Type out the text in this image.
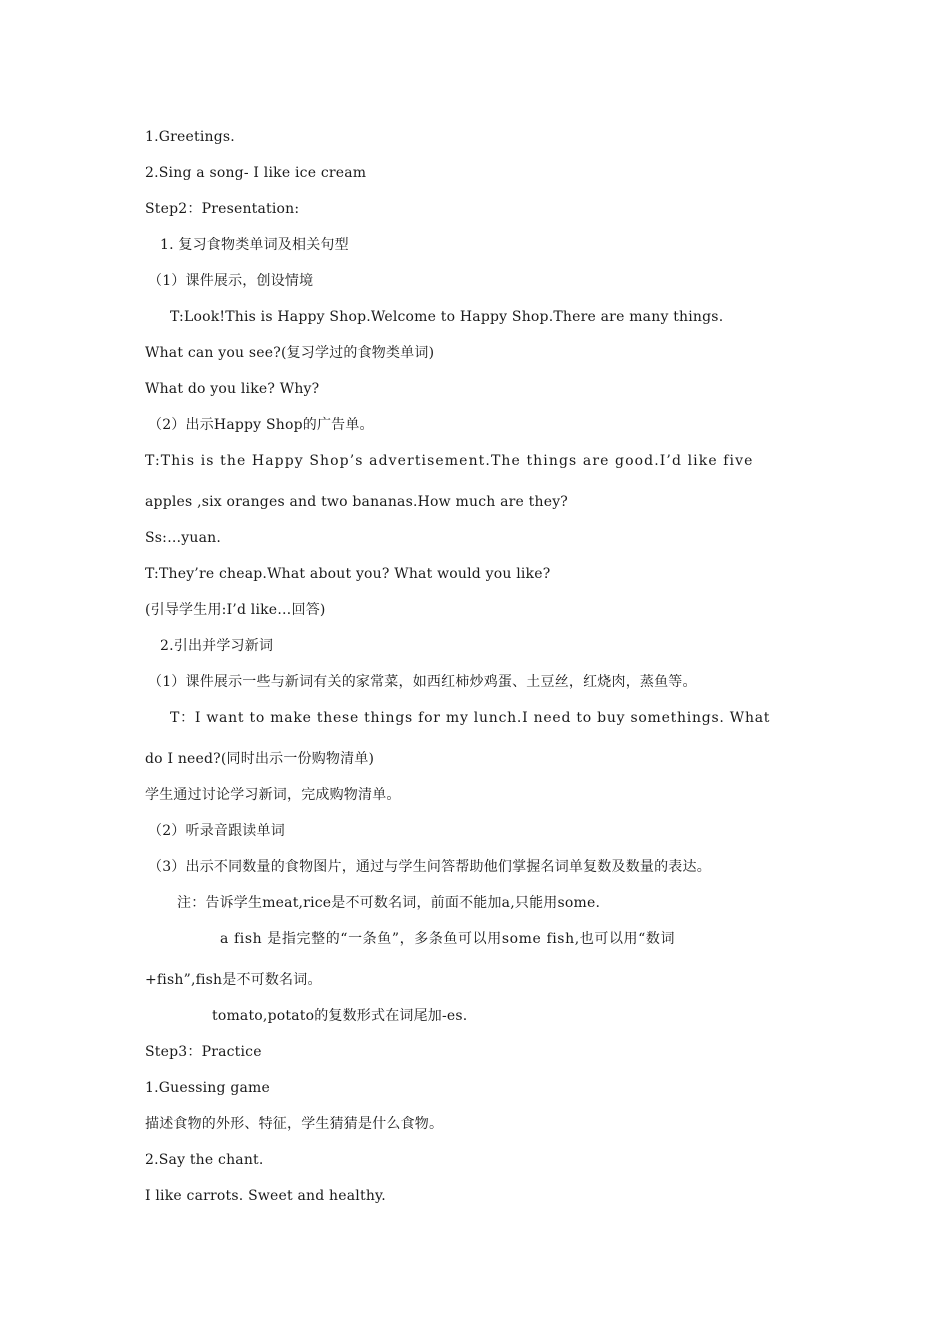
1.Greetings.
2.Sing a song- I like ice cream
Step2：Presentation:
1. 复习食物类单词及相关句型
（1）课件展示，创设情境
T:Look!This is Happy Shop.Welcome to Happy Shop.There are many things.
What can you see?(复习学过的食物类单词)
What do you like? Why?
（2）出示Happy Shop的广告单。
T:This is the Happy Shop’s advertisement.The things are good.I’d like five
apples ,six oranges and two bananas.How much are they?
Ss:…yuan.
T:They’re cheap.What about you? What would you like?
(引导学生用:I’d like…回答)
2.引出并学习新词
（1）课件展示一些与新词有关的家常菜，如西红柿炒鸡蛋、土豆丝，红烧肉，蒸鱼等。
T：I want to make these things for my lunch.I need to buy somethings. What
do I need?(同时出示一份购物清单)
学生通过讨论学习新词，完成购物清单。
（2）听录音跟读单词
（3）出示不同数量的食物图片，通过与学生问答帮助他们掌握名词单复数及数量的表达。
注：告诉学生meat,rice是不可数名词，前面不能加a,只能用some.
a fish 是指完整的“一条鱼”，多条鱼可以用some fish,也可以用“数词
+fish”,fish是不可数名词。
tomato,potato的复数形式在词尾加-es.
Step3：Practice
1.Guessing game
描述食物的外形、特征，学生猜猜是什么食物。
2.Say the chant.
I like carrots. Sweet and healthy.
